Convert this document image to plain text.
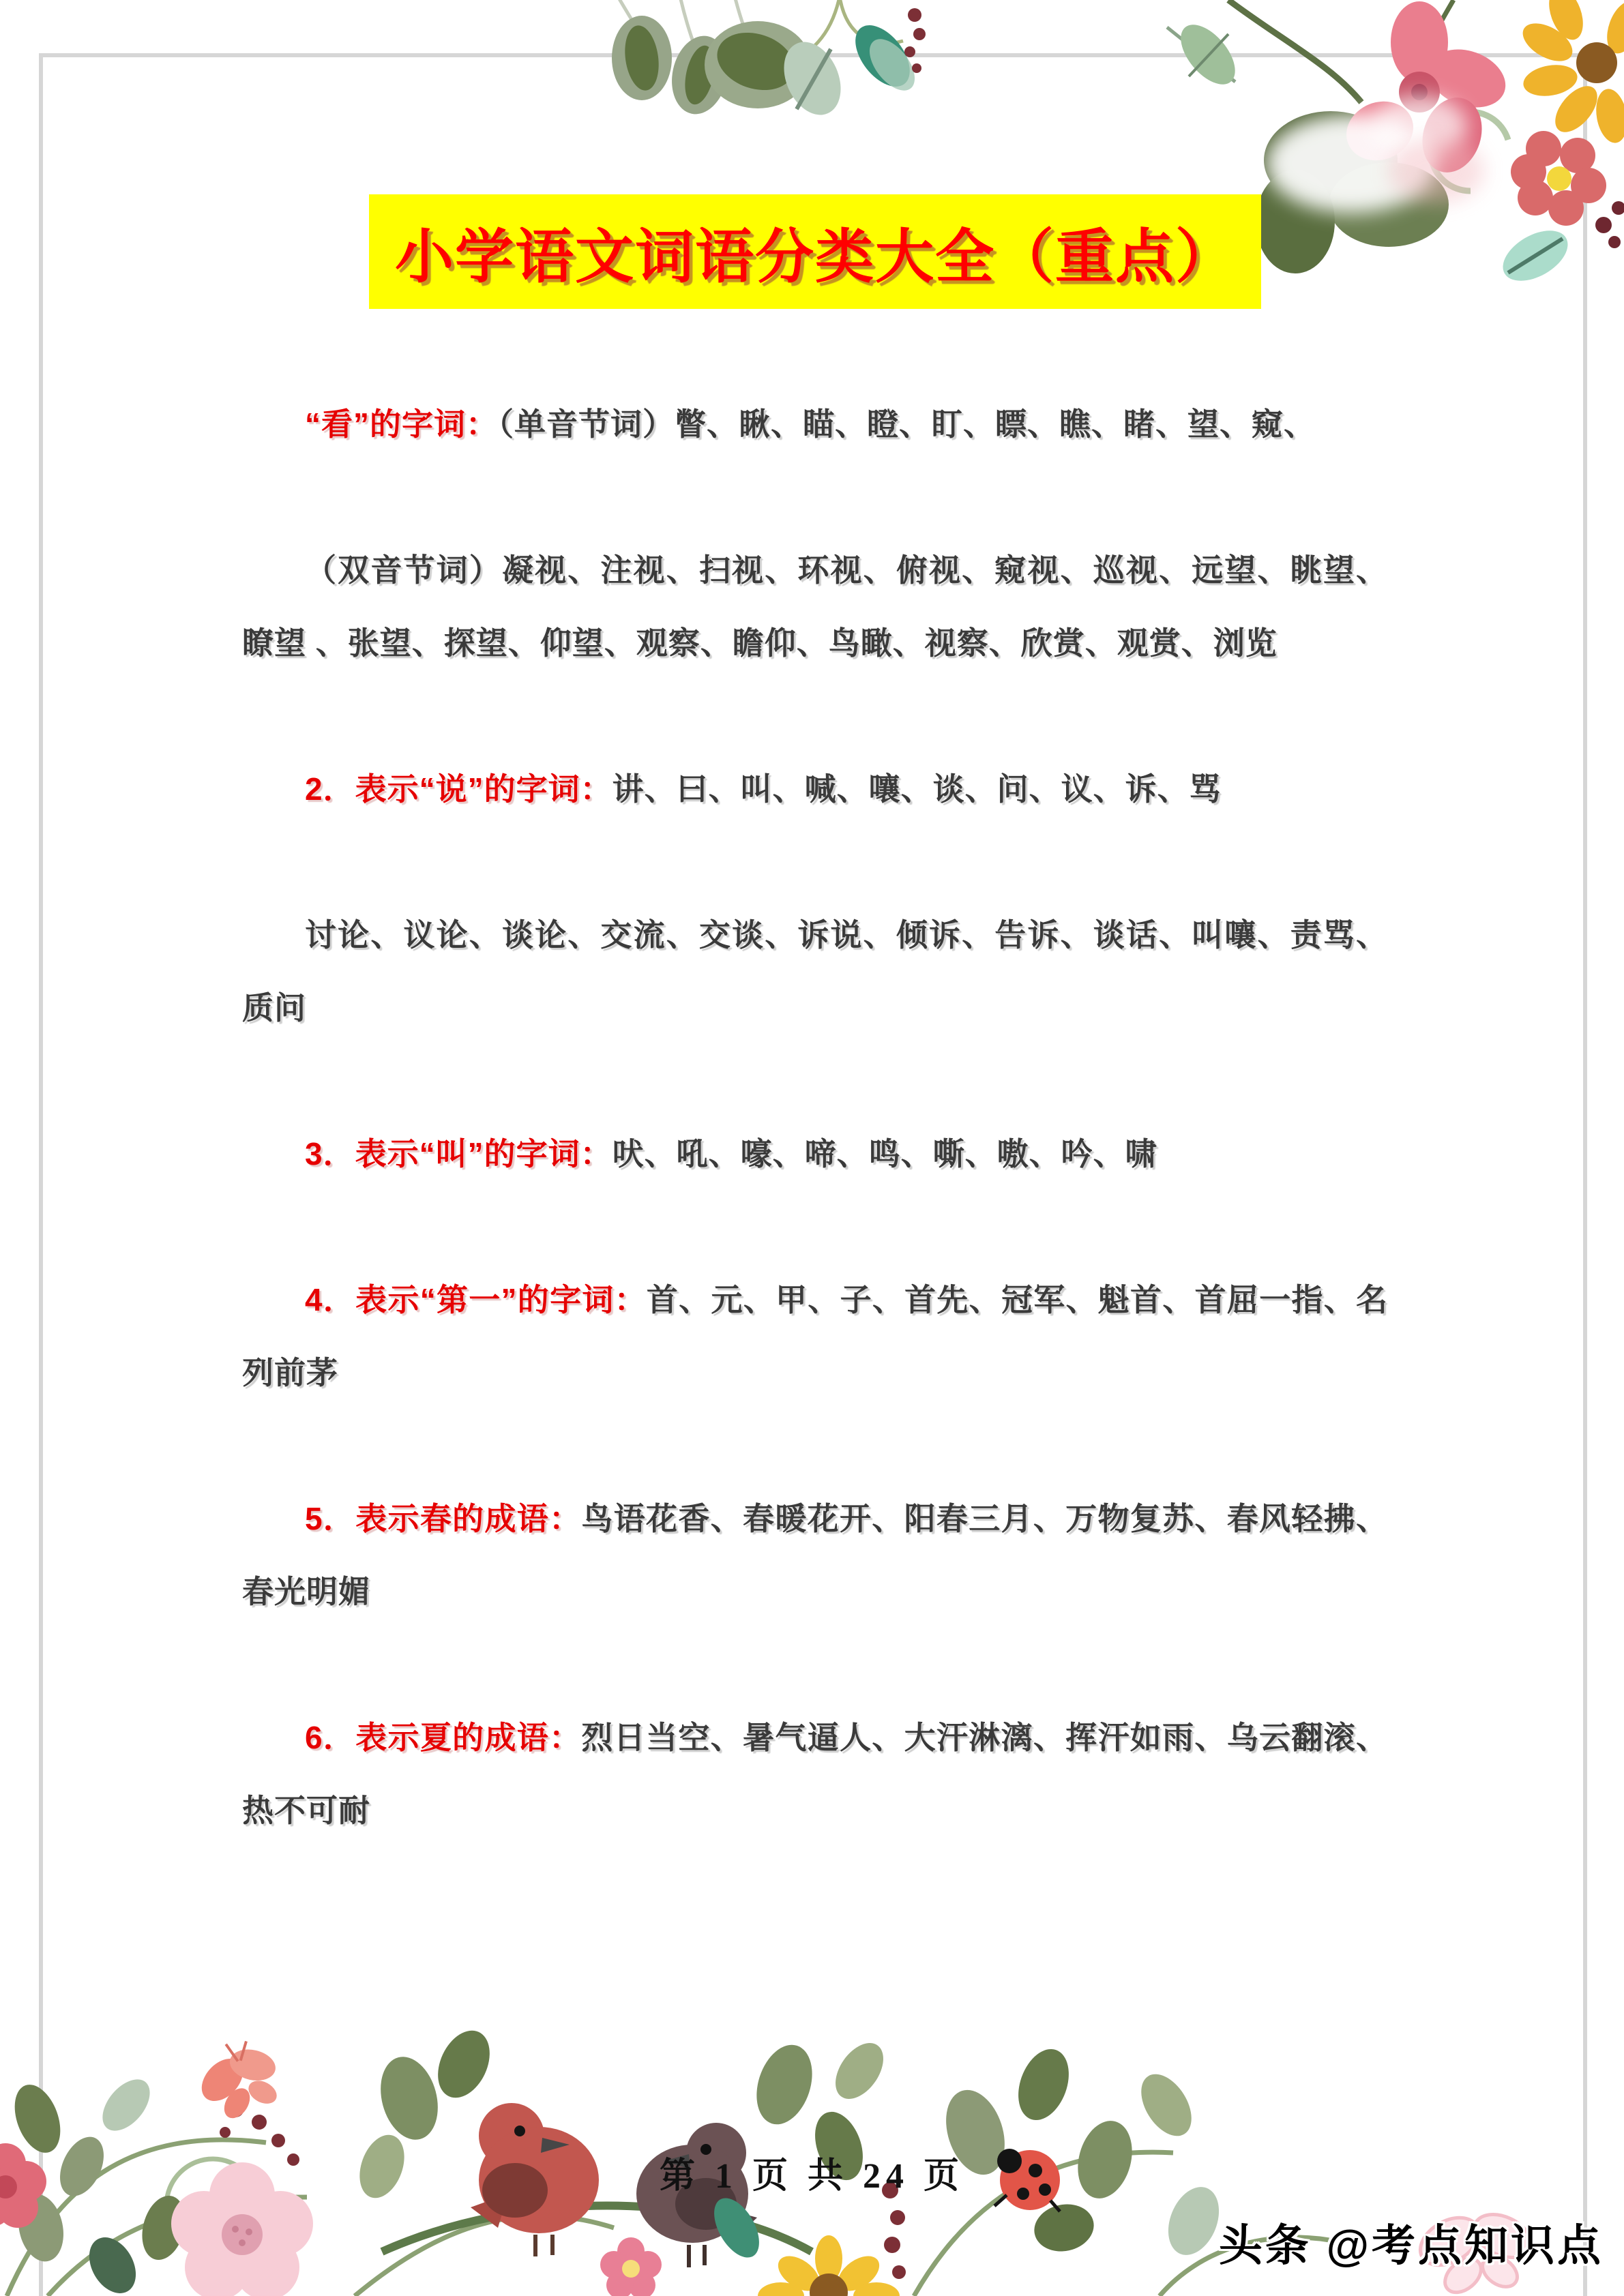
小学语文词语分类大全（重点）

“看”的字词：（单音节词）瞥、瞅、瞄、瞪、盯、瞟、瞧、睹、望、窥、

（双音节词）凝视、注视、扫视、环视、俯视、窥视、巡视、远望、眺望、瞭望 、张望、探望、仰望、观察、瞻仰、鸟瞰、视察、欣赏、观赏、浏览

2．表示“说”的字词：讲、曰、叫、喊、嚷、谈、问、议、诉、骂

讨论、议论、谈论、交流、交谈、诉说、倾诉、告诉、谈话、叫嚷、责骂、质问

3．表示“叫”的字词：吠、吼、嚎、啼、鸣、嘶、嗷、吟、啸

4．表示“第一”的字词：首、元、甲、子、首先、冠军、魁首、首屈一指、名列前茅

5．表示春的成语：鸟语花香、春暖花开、阳春三月、万物复苏、春风轻拂、春光明媚

6．表示夏的成语：烈日当空、暑气逼人、大汗淋漓、挥汗如雨、乌云翻滚、热不可耐

第 1 页 共 24 页
头条 @考点知识点
